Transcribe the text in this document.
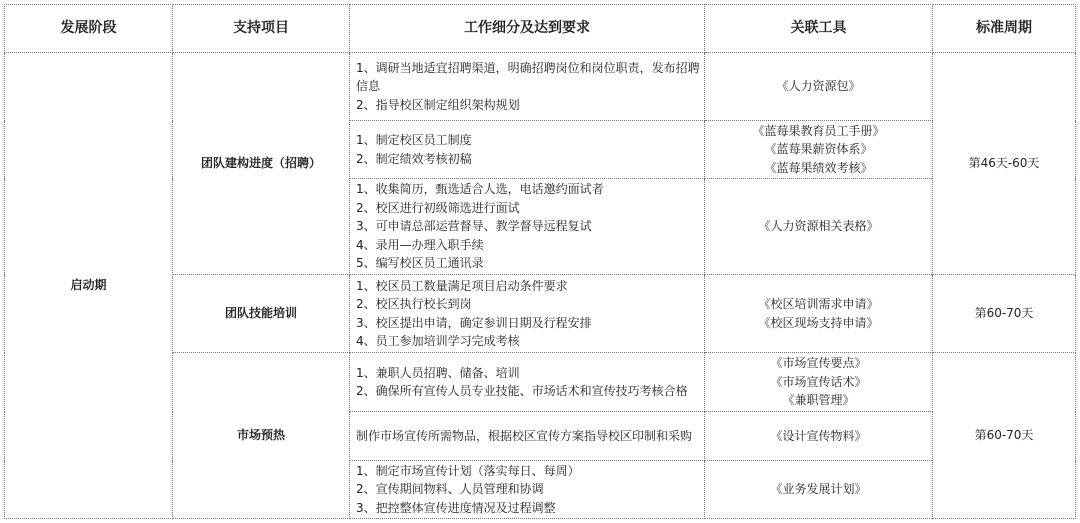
发展阶段	支持项目	工作细分及达到要求	关联工具	标准周期
启动期	团队建构进度（招聘）	1、调研当地适宜招聘渠道，明确招聘岗位和岗位职责，发布招聘信息
2、指导校区制定组织架构规划	《人力资源包》	第46天-60天

		1、制定校区员工制度
2、制定绩效考核初稿	《蓝莓果教育员工手册》
《蓝莓果薪资体系》
《蓝莓果绩效考核》	

		1、收集简历，甄选适合人选，电话邀约面试者
2、校区进行初级筛选进行面试
3、可申请总部运营督导、教学督导远程复试
4、录用—办理入职手续
5、编写校区员工通讯录	《人力资源相关表格》	

	团队技能培训	1、校区员工数量满足项目启动条件要求
2、校区执行校长到岗
3、校区提出申请，确定参训日期及行程安排
4、员工参加培训学习完成考核	《校区培训需求申请》
《校区现场支持申请》	第60-70天
	市场预热	1、兼职人员招聘、储备、培训
2、确保所有宣传人员专业技能、市场话术和宣传技巧考核合格	《市场宣传要点》
《市场宣传话术》
《兼职管理》	第60-70天

		制作市场宣传所需物品，根据校区宣传方案指导校区印制和采购	《设计宣传物料》	

		1、制定市场宣传计划（落实每日、每周）
2、宣传期间物料、人员管理和协调
3、把控整体宣传进度情况及过程调整	《业务发展计划》	
